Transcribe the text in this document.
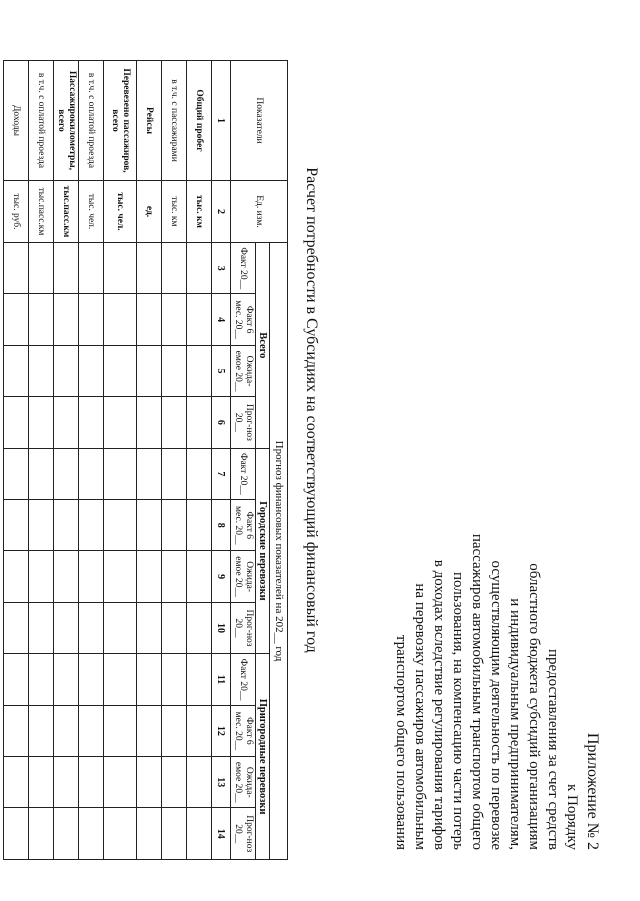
Приложение № 2
к Порядку
предоставления за счет средств
областного бюджета субсидий организациям
и индивидуальным предпринимателям,
осуществляющим деятельность по перевозке
пассажиров автомобильным транспортом общего
пользования, на компенсацию части потерь
в доходах вследствие регулирования тарифов
на перевозку пассажиров автомобильным
транспортом общего пользования
Расчет потребности в Субсидиях на соответствующий финансовый год
Показатели	Ед. изм.	Прогноз финансовых показателей на 202__ год											
		Всего				Городские перевозки				Пригородные перевозки			
		Факт 20__	Факт 6 мес. 20__	Ожида-емое 20__	Прог-ноз 20__	Факт 20__	Факт 6 мес. 20__	Ожида-емое 20__	Прог-ноз 20__	Факт 20__	Факт 6 мес. 20__	Ожида-емое 20__	Прог-ноз 20__
1	2	3	4	5	6	7	8	9	10	11	12	13	14
Общий пробег	тыс. км												
в т.ч. с пассажирами	тыс. км												
Рейсы	ед.												
Перевезено пассажиров, всего	тыс. чел.												
в т.ч. с оплатой проезда	тыс. чел.												
Пассажирокилометры, всего	тыс.пасс.км												
в т.ч. с оплатой проезда	тыс.пасс.км												
Доходы	тыс. руб.												
